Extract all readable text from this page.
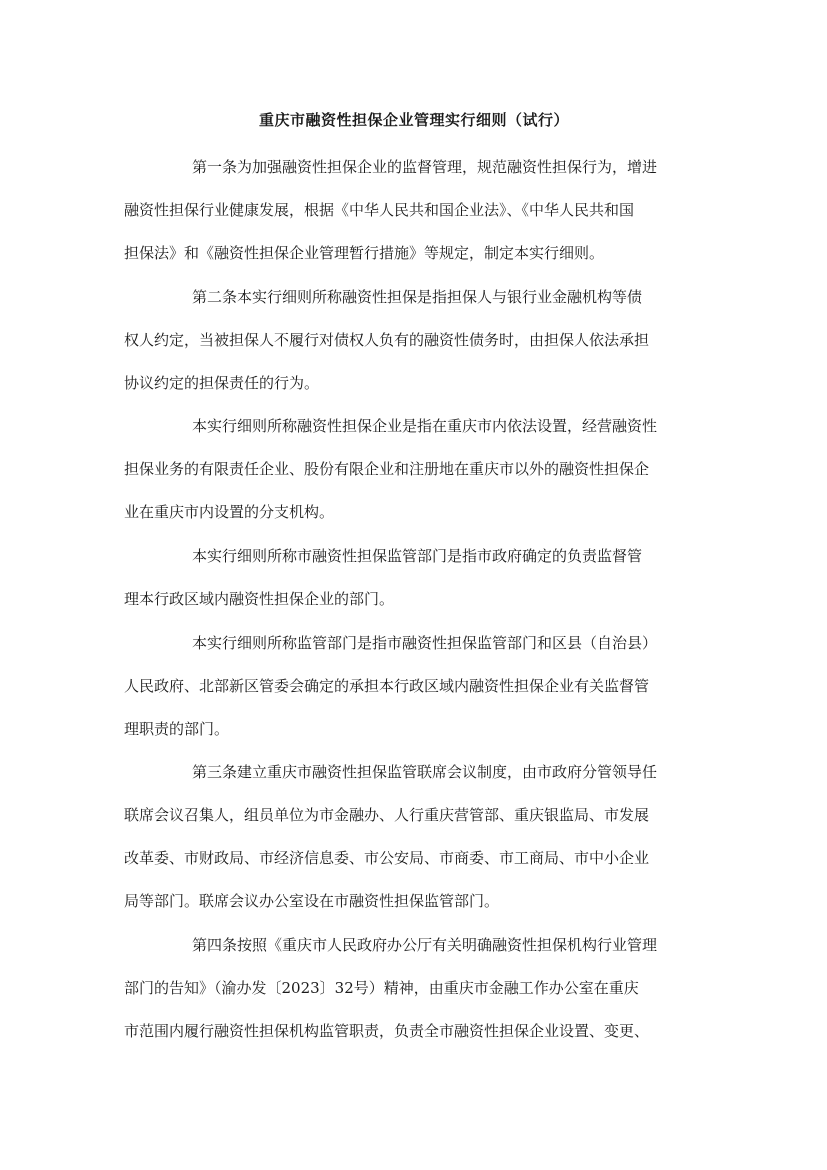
重庆市融资性担保企业管理实行细则（试行）
第一条为加强融资性担保企业的监督管理，规范融资性担保行为，增进
融资性担保行业健康发展，根据《中华人民共和国企业法》、《中华人民共和国
担保法》和《融资性担保企业管理暂行措施》等规定，制定本实行细则。
第二条本实行细则所称融资性担保是指担保人与银行业金融机构等债
权人约定，当被担保人不履行对债权人负有的融资性债务时，由担保人依法承担
协议约定的担保责任的行为。
本实行细则所称融资性担保企业是指在重庆市内依法设置，经营融资性
担保业务的有限责任企业、股份有限企业和注册地在重庆市以外的融资性担保企
业在重庆市内设置的分支机构。
本实行细则所称市融资性担保监管部门是指市政府确定的负责监督管
理本行政区域内融资性担保企业的部门。
本实行细则所称监管部门是指市融资性担保监管部门和区县（自治县）
人民政府、北部新区管委会确定的承担本行政区域内融资性担保企业有关监督管
理职责的部门。
第三条建立重庆市融资性担保监管联席会议制度，由市政府分管领导任
联席会议召集人，组员单位为市金融办、人行重庆营管部、重庆银监局、市发展
改革委、市财政局、市经济信息委、市公安局、市商委、市工商局、市中小企业
局等部门。联席会议办公室设在市融资性担保监管部门。
第四条按照《重庆市人民政府办公厅有关明确融资性担保机构行业管理
部门的告知》（渝办发〔2023〕32号）精神，由重庆市金融工作办公室在重庆
市范围内履行融资性担保机构监管职责，负责全市融资性担保企业设置、变更、
